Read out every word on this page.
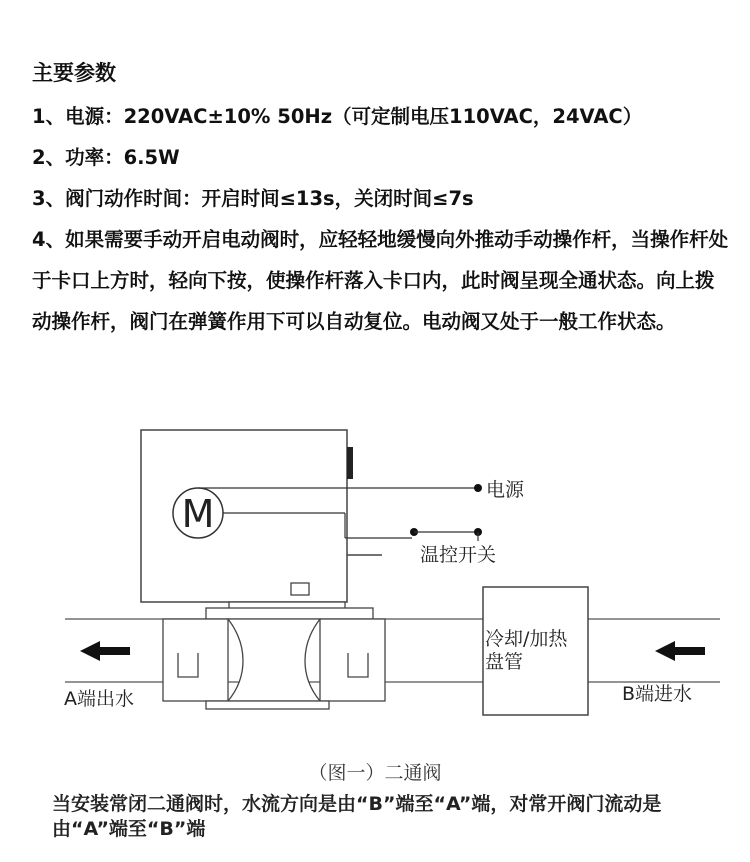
主要参数
1、电源：220VAC±10% 50Hz（可定制电压110VAC，24VAC）
2、功率：6.5W
3、阀门动作时间：开启时间≤13s，关闭时间≤7s
4、如果需要手动开启电动阀时，应轻轻地缓慢向外推动手动操作杆，当操作杆处于卡口上方时，轻向下按，使操作杆落入卡口内，此时阀呈现全通状态。向上拨动操作杆，阀门在弹簧作用下可以自动复位。电动阀又处于一般工作状态。
M
电源
温控开关
冷却/加热
盘管
A端出水	B端进水
（图一）二通阀
当安装常闭二通阀时，水流方向是由“B”端至“A”端，对常开阀门流动是由“A”端至“B”端
